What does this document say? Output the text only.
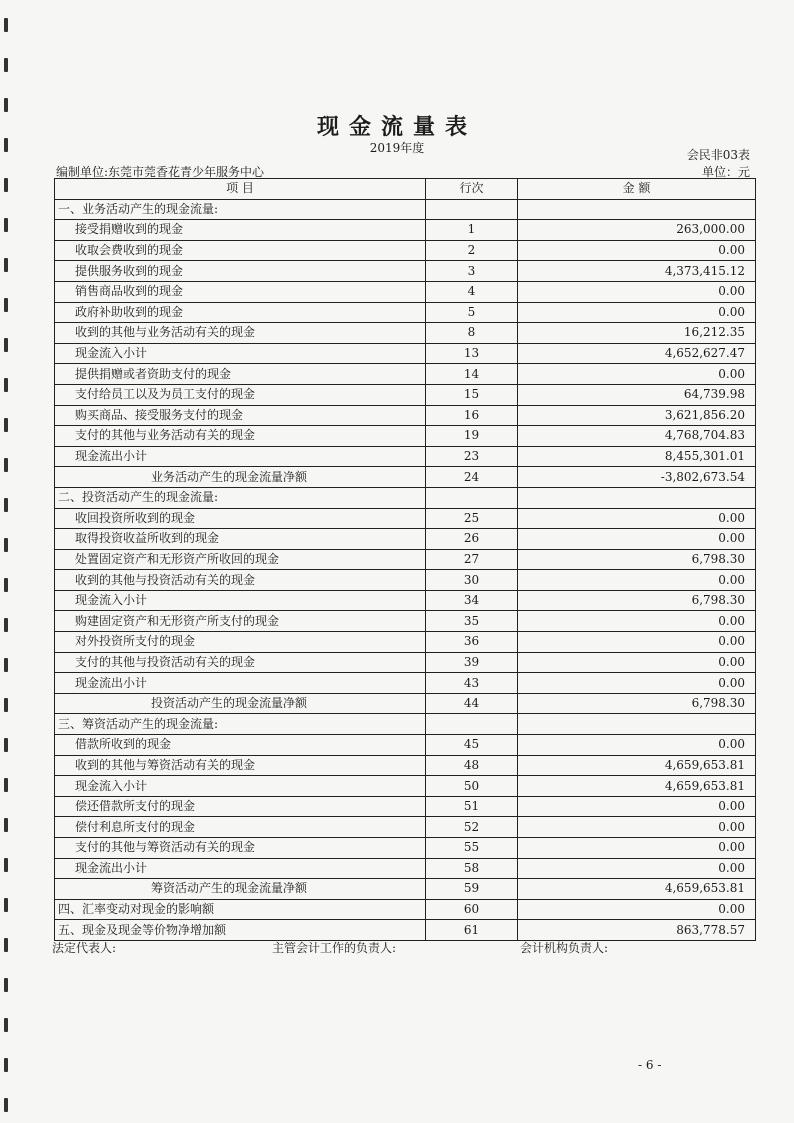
现金流量表
2019年度	会民非03表
编制单位:东莞市莞香花青少年服务中心	单位：元
项 目	行次	金 额
一、业务活动产生的现金流量:		
接受捐赠收到的现金	1	263,000.00
收取会费收到的现金	2	0.00
提供服务收到的现金	3	4,373,415.12
销售商品收到的现金	4	0.00
政府补助收到的现金	5	0.00
收到的其他与业务活动有关的现金	8	16,212.35
现金流入小计	13	4,652,627.47
提供捐赠或者资助支付的现金	14	0.00
支付给员工以及为员工支付的现金	15	64,739.98
购买商品、接受服务支付的现金	16	3,621,856.20
支付的其他与业务活动有关的现金	19	4,768,704.83
现金流出小计	23	8,455,301.01
业务活动产生的现金流量净额	24	-3,802,673.54
二、投资活动产生的现金流量:		
收回投资所收到的现金	25	0.00
取得投资收益所收到的现金	26	0.00
处置固定资产和无形资产所收回的现金	27	6,798.30
收到的其他与投资活动有关的现金	30	0.00
现金流入小计	34	6,798.30
购建固定资产和无形资产所支付的现金	35	0.00
对外投资所支付的现金	36	0.00
支付的其他与投资活动有关的现金	39	0.00
现金流出小计	43	0.00
投资活动产生的现金流量净额	44	6,798.30
三、筹资活动产生的现金流量:		
借款所收到的现金	45	0.00
收到的其他与筹资活动有关的现金	48	4,659,653.81
现金流入小计	50	4,659,653.81
偿还借款所支付的现金	51	0.00
偿付利息所支付的现金	52	0.00
支付的其他与筹资活动有关的现金	55	0.00
现金流出小计	58	0.00
筹资活动产生的现金流量净额	59	4,659,653.81
四、汇率变动对现金的影响额	60	0.00
五、现金及现金等价物净增加额	61	863,778.57
法定代表人:	主管会计工作的负责人:	会计机构负责人:
- 6 -
